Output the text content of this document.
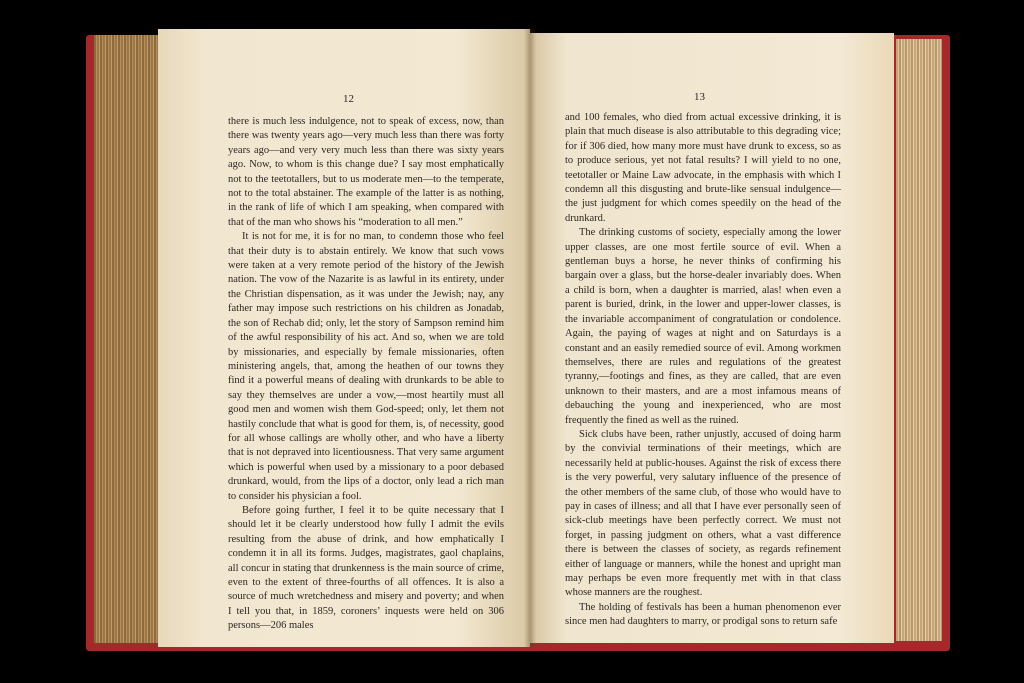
12

there is much less indulgence, not to speak of excess, now, than there was twenty years ago—very much less than there was forty years ago—and very very much less than there was sixty years ago. Now, to whom is this change due? I say most emphatically not to the teetotallers, but to us moderate men—to the temperate, not to the total abstainer. The example of the latter is as nothing, in the rank of life of which I am speaking, when compared with that of the man who shows his “moderation to all men.”

It is not for me, it is for no man, to condemn those who feel that their duty is to abstain entirely. We know that such vows were taken at a very remote period of the history of the Jewish nation. The vow of the Nazarite is as lawful in its entirety, under the Christian dispensation, as it was under the Jewish; nay, any father may impose such restrictions on his children as Jonadab, the son of Rechab did; only, let the story of Sampson remind him of the awful responsibility of his act. And so, when we are told by missionaries, and especially by female missionaries, often ministering angels, that, among the heathen of our towns they find it a powerful means of dealing with drunkards to be able to say they themselves are under a vow,—most heartily must all good men and women wish them God-speed; only, let them not hastily conclude that what is good for them, is, of necessity, good for all whose callings are wholly other, and who have a liberty that is not depraved into licentiousness. That very same argument which is powerful when used by a missionary to a poor debased drunkard, would, from the lips of a doctor, only lead a rich man to consider his physician a fool.

Before going further, I feel it to be quite necessary that I should let it be clearly understood how fully I admit the evils resulting from the abuse of drink, and how emphatically I condemn it in all its forms. Judges, magistrates, gaol chaplains, all concur in stating that drunkenness is the main source of crime, even to the extent of three-fourths of all offences. It is also a source of much wretchedness and misery and poverty; and when I tell you that, in 1859, coroners’ inquests were held on 306 persons—206 males

13

and 100 females, who died from actual excessive drinking, it is plain that much disease is also attributable to this degrading vice; for if 306 died, how many more must have drunk to excess, so as to produce serious, yet not fatal results? I will yield to no one, teetotaller or Maine Law advocate, in the emphasis with which I condemn all this disgusting and brute-like sensual indulgence—the just judgment for which comes speedily on the head of the drunkard.

The drinking customs of society, especially among the lower upper classes, are one most fertile source of evil. When a gentleman buys a horse, he never thinks of confirming his bargain over a glass, but the horse-dealer invariably does. When a child is born, when a daughter is married, alas! when even a parent is buried, drink, in the lower and upper-lower classes, is the invariable accompaniment of congratulation or condolence. Again, the paying of wages at night and on Saturdays is a constant and an easily remedied source of evil. Among workmen themselves, there are rules and regulations of the greatest tyranny,—footings and fines, as they are called, that are even unknown to their masters, and are a most infamous means of debauching the young and inexperienced, who are most frequently the fined as well as the ruined.

Sick clubs have been, rather unjustly, accused of doing harm by the convivial terminations of their meetings, which are necessarily held at public-houses. Against the risk of excess there is the very powerful, very salutary influence of the presence of the other members of the same club, of those who would have to pay in cases of illness; and all that I have ever personally seen of sick-club meetings have been perfectly correct. We must not forget, in passing judgment on others, what a vast difference there is between the classes of society, as regards refinement either of language or manners, while the honest and upright man may perhaps be even more frequently met with in that class whose manners are the roughest.

The holding of festivals has been a human phenomenon ever since men had daughters to marry, or prodigal sons to return safe
